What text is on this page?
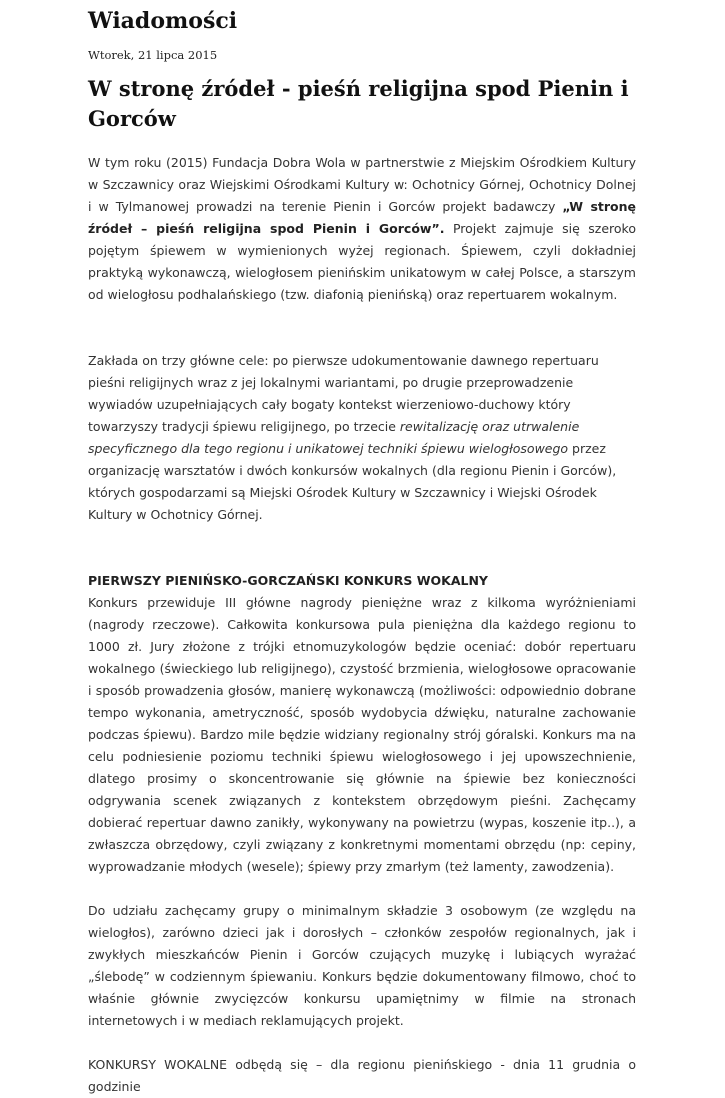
Wiadomości
Wtorek, 21 lipca 2015
W stronę źródeł - pieśń religijna spod Pienin i Gorców

W tym roku (2015) Fundacja Dobra Wola w partnerstwie z Miejskim Ośrodkiem Kultury w Szczawnicy oraz Wiejskimi Ośrodkami Kultury w: Ochotnicy Górnej, Ochotnicy Dolnej i w Tylmanowej prowadzi na terenie Pienin i Gorców projekt badawczy „W stronę źródeł – pieśń religijna spod Pienin i Gorców”. Projekt zajmuje się szeroko pojętym śpiewem w wymienionych wyżej regionach. Śpiewem, czyli dokładniej praktyką wykonawczą, wielogłosem pienińskim unikatowym w całej Polsce, a starszym od wielogłosu podhalańskiego (tzw. diafonią pienińską) oraz repertuarem wokalnym.

Zakłada on trzy główne cele: po pierwsze udokumentowanie dawnego repertuaru pieśni religijnych wraz z jej lokalnymi wariantami, po drugie przeprowadzenie wywiadów uzupełniających cały bogaty kontekst wierzeniowo-duchowy który towarzyszy tradycji śpiewu religijnego, po trzecie rewitalizację oraz utrwalenie specyficznego dla tego regionu i unikatowej techniki śpiewu wielogłosowego przez organizację warsztatów i dwóch konkursów wokalnych (dla regionu Pienin i Gorców), których gospodarzami są Miejski Ośrodek Kultury w Szczawnicy i Wiejski Ośrodek Kultury w Ochotnicy Górnej.

PIERWSZY PIENIŃSKO-GORCZAŃSKI KONKURS WOKALNY

Konkurs przewiduje III główne nagrody pieniężne wraz z kilkoma wyróżnieniami (nagrody rzeczowe). Całkowita konkursowa pula pieniężna dla każdego regionu to 1000 zł. Jury złożone z trójki etnomuzykologów będzie oceniać: dobór repertuaru wokalnego (świeckiego lub religijnego), czystość brzmienia, wielogłosowe opracowanie i sposób prowadzenia głosów, manierę wykonawczą (możliwości: odpowiednio dobrane tempo wykonania, ametryczność, sposób wydobycia dźwięku, naturalne zachowanie podczas śpiewu). Bardzo mile będzie widziany regionalny strój góralski. Konkurs ma na celu podniesienie poziomu techniki śpiewu wielogłosowego i jej upowszechnienie, dlatego prosimy o skoncentrowanie się głównie na śpiewie bez konieczności odgrywania scenek związanych z kontekstem obrzędowym pieśni. Zachęcamy dobierać repertuar dawno zanikły, wykonywany na powietrzu (wypas, koszenie itp..), a zwłaszcza obrzędowy, czyli związany z konkretnymi momentami obrzędu (np: cepiny, wyprowadzanie młodych (wesele); śpiewy przy zmarłym (też lamenty, zawodzenia).

Do udziału zachęcamy grupy o minimalnym składzie 3 osobowym (ze względu na wielogłos), zarówno dzieci jak i dorosłych – członków zespołów regionalnych, jak i zwykłych mieszkańców Pienin i Gorców czujących muzykę i lubiących wyrażać „ślebodę” w codziennym śpiewaniu. Konkurs będzie dokumentowany filmowo, choć to właśnie głównie zwycięzców konkursu upamiętnimy w filmie na stronach internetowych i w mediach reklamujących projekt.

KONKURSY WOKALNE odbędą się – dla regionu pienińskiego - dnia 11 grudnia o godzinie
